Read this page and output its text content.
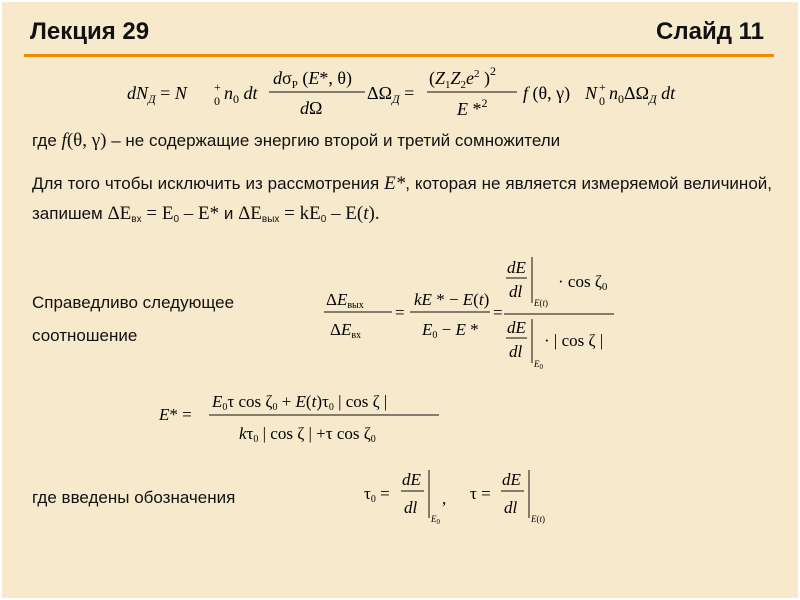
Лекция 29	Слайд 11
$dN_Д = N$ +
0 $n_0$ dt
$d\sigma_P$ (E*, θ)
dΩ
$\Delta\Omega_Д$ =
($Z_1Z_2e^2$ )$^2$
E *$^2$ f (θ, γ) N +
0 $n_0\Delta\Omega_Д$ dt
где f(θ, γ) – не содержащие энергию второй и третий сомножители
Для того чтобы исключить из рассмотрения E*, которая не является измеряемой величиной, запишем $\Delta E_{вх} = E_0 - E*$ и $\Delta E_{вых} = kE_0 - E(t)$.
Справедливо следующее
соотношение
ΔEвых
ΔEвх
=
kE * − E(t)
E0 − E *
=
dE
dl
E(t)
· cos ζ0
dE
dl
$E_0$
· | cos ζ |
E* =
E0τ cos ζ0 + E(t)τ0 | cos ζ |
kτ0 | cos ζ | +τ cos ζ0
где введены обозначения	τ0 =
dE
dl
$E_0$
, τ =
dE
dl
E(t)
